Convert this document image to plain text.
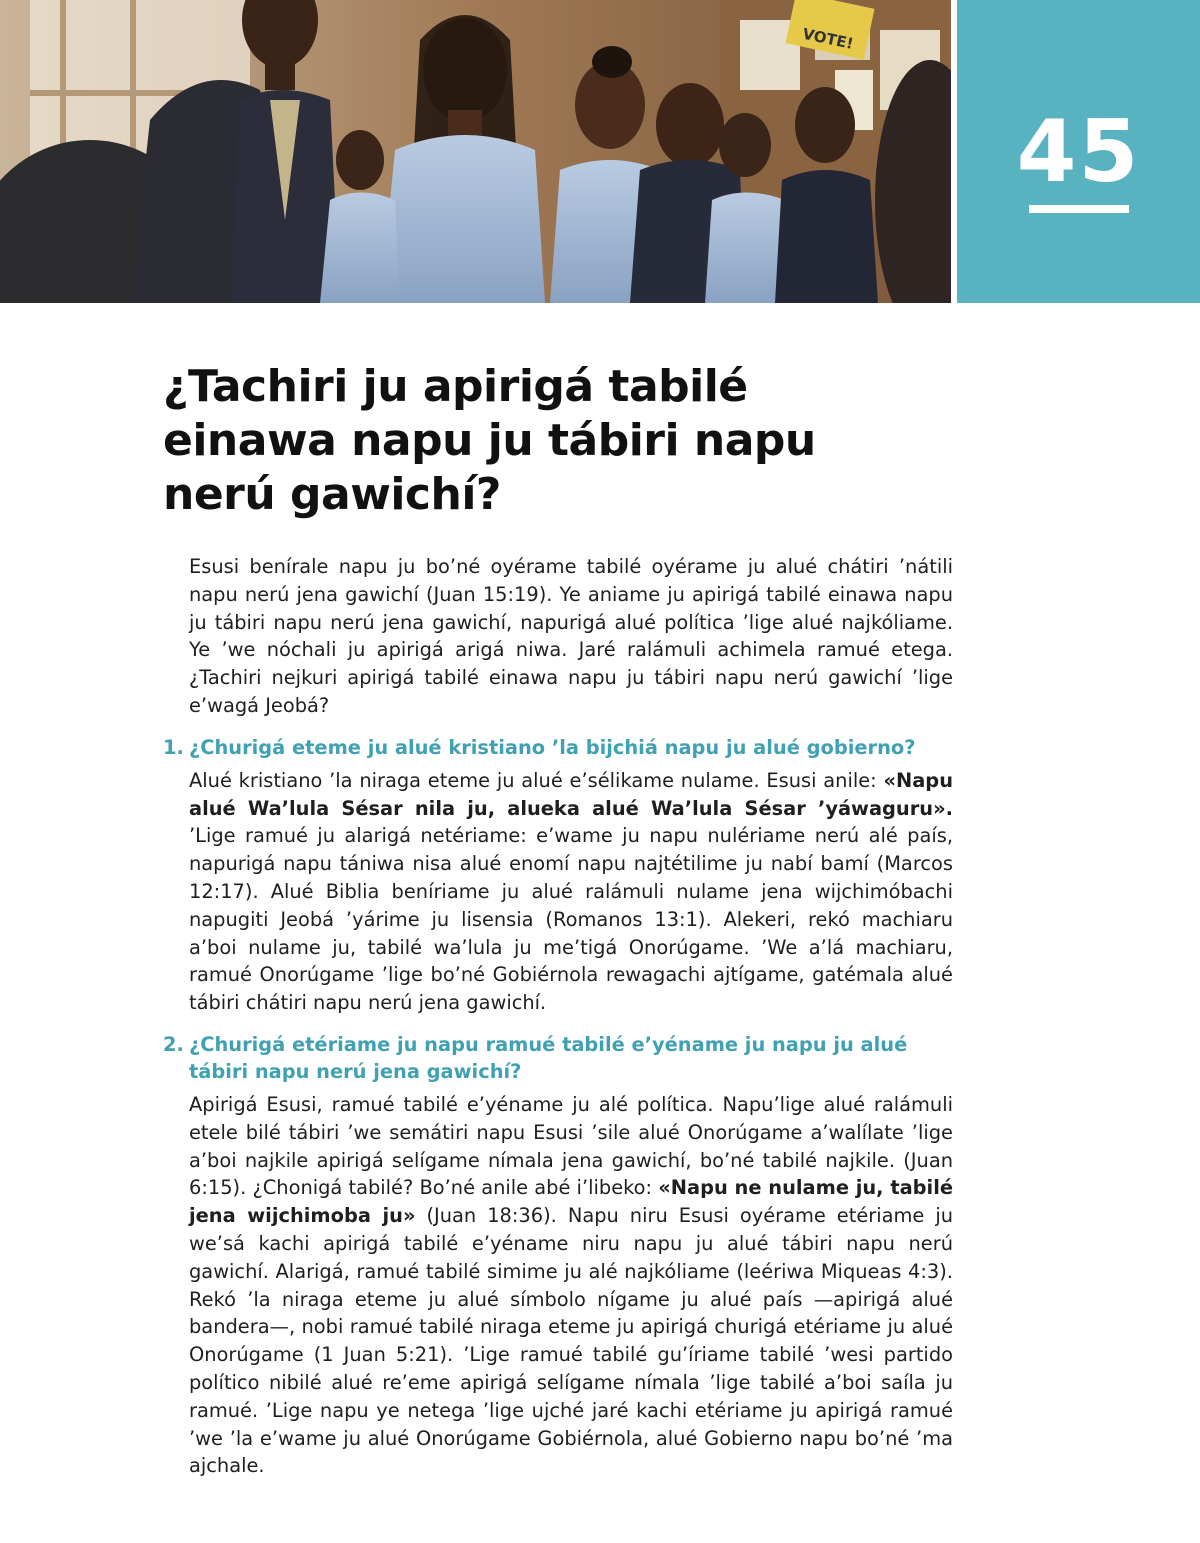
VOTE!
45
¿Tachiri ju apirigá tabilé einawa napu ju tábiri napu nerú gawichí?

Esusi benírale napu ju bo’né oyérame tabilé oyérame ju alué chátiri ’nátili napu nerú jena gawichí (Juan 15:19). Ye aniame ju apirigá tabilé einawa napu ju tábiri napu nerú jena gawichí, napurigá alué política ’lige alué najkóliame. Ye ’we nóchali ju apirigá arigá niwa. Jaré ralámuli achimela ramué etega. ¿Tachiri nejkuri apirigá tabilé einawa napu ju tábiri napu nerú gawichí ’lige e’wagá Jeobá?

1. ¿Churigá eteme ju alué kristiano ’la bijchiá napu ju alué gobierno?

Alué kristiano ’la niraga eteme ju alué e’sélikame nulame. Esusi anile: «Napu alué Wa’lula Sésar nila ju, alueka alué Wa’lula Sésar ’yáwaguru». ’Lige ramué ju alarigá netériame: e’wame ju napu nulériame nerú alé país, napurigá napu tániwa nisa alué enomí napu najtétilime ju nabí bamí (Marcos 12:17). Alué Biblia beníriame ju alué ralámuli nulame jena wijchimóbachi napugiti Jeobá ’yárime ju lisensia (Romanos 13:1). Alekeri, rekó machiaru a’boi nulame ju, tabilé wa’lula ju me’tigá Onorúgame. ’We a’lá machiaru, ramué Onorúgame ’lige bo’né Gobiérnola rewagachi ajtígame, gatémala alué tábiri chátiri napu nerú jena gawichí.

2. ¿Churigá etériame ju napu ramué tabilé e’yéname ju napu ju alué tábiri napu nerú jena gawichí?

Apirigá Esusi, ramué tabilé e’yéname ju alé política. Napu’lige alué ralámuli etele bilé tábiri ’we semátiri napu Esusi ’sile alué Onorúgame a’walílate ’lige a’boi najkile apirigá selígame nímala jena gawichí, bo’né tabilé najkile. (Juan 6:15). ¿Chonigá tabilé? Bo’né anile abé i’libeko: «Napu ne nulame ju, tabilé jena wijchimoba ju» (Juan 18:36). Napu niru Esusi oyérame etériame ju we’sá kachi apirigá tabilé e’yéname niru napu ju alué tábiri napu nerú gawichí. Alarigá, ramué tabilé simime ju alé najkóliame (leériwa Miqueas 4:3). Rekó ’la niraga eteme ju alué símbolo nígame ju alué país —apirigá alué bandera—, nobi ramué tabilé niraga eteme ju apirigá churigá etériame ju alué Onorúgame (1 Juan 5:21). ’Lige ramué tabilé gu’íriame tabilé ’wesi partido político nibilé alué re’eme apirigá selígame nímala ’lige tabilé a’boi saíla ju ramué. ’Lige napu ye netega ’lige ujché jaré kachi etériame ju apirigá ramué ’we ’la e’wame ju alué Onorúgame Gobiérnola, alué Gobierno napu bo’né ’ma ajchale.
